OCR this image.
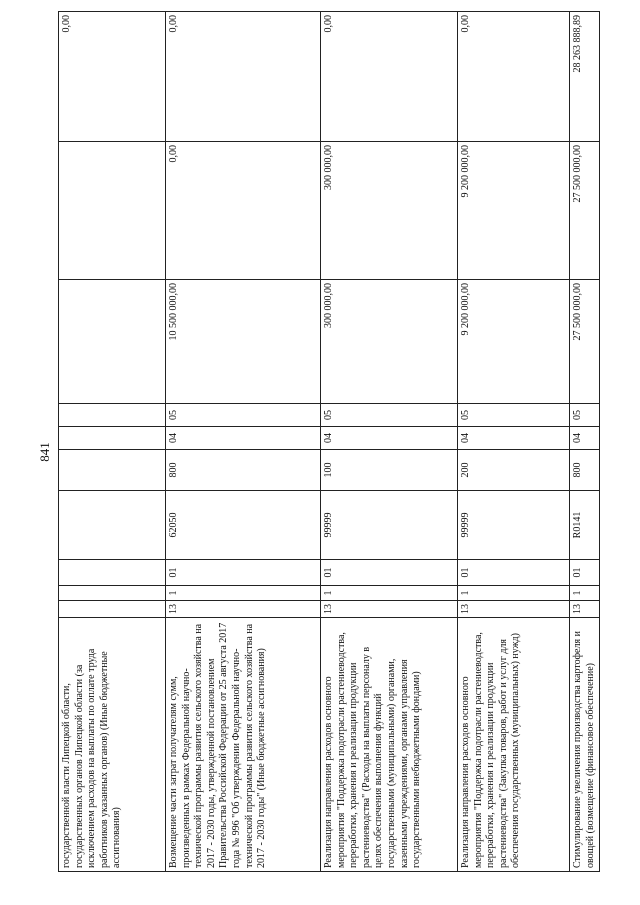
841
государственной власти Липецкой области, государственных органов Липецкой области (за исключением расходов на выплаты по оплате труда работников указанных органов) (Иные бюджетные ассигнования)										0,00
Возмещение части затрат получателям сумм, произведенных в рамках Федеральной научно-технической программы развития сельского хозяйства на 2017 - 2030 годы, утвержденной постановлением Правительства Российской Федерации от 25 августа 2017 года № 996 "Об утверждении Федеральной научно-технической программы развития сельского хозяйства на 2017 - 2030 годы" (Иные бюджетные ассигнования)	13	1	01	62050	800	04	05	10 500 000,00	0,00	0,00
Реализация направления расходов основного мероприятия "Поддержка подотрасли растениеводства, переработки, хранения и реализации продукции растениеводства" (Расходы на выплаты персоналу в целях обеспечения выполнения функций государственными (муниципальными) органами, казенными учреждениями, органами управления государственными внебюджетными фондами)	13	1	01	99999	100	04	05	300 000,00	300 000,00	0,00
Реализация направления расходов основного мероприятия "Поддержка подотрасли растениеводства, переработки, хранения и реализации продукции растениеводства" (Закупка товаров, работ и услуг для обеспечения государственных (муниципальных) нужд)	13	1	01	99999	200	04	05	9 200 000,00	9 200 000,00	0,00
Стимулирование увеличения производства картофеля и овощей (возмещение (финансовое обеспечение)	13	1	01	R0141	800	04	05	27 500 000,00	27 500 000,00	28 263 888,89
